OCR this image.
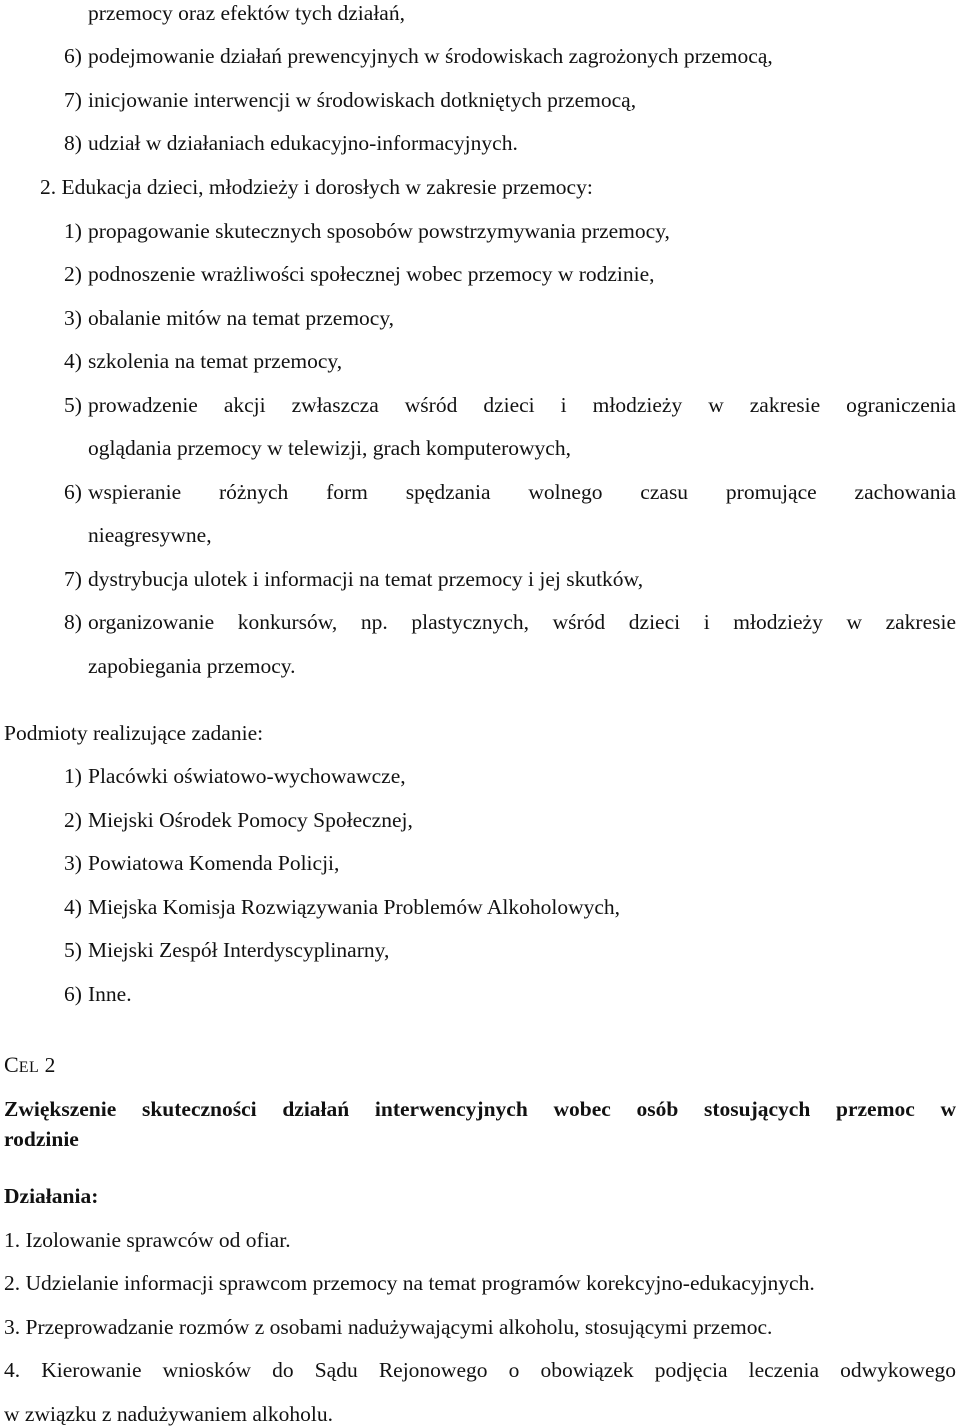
przemocy oraz efektów tych działań,
6) podejmowanie działań prewencyjnych w środowiskach zagrożonych przemocą,
7) inicjowanie interwencji w środowiskach dotkniętych przemocą,
8) udział w działaniach edukacyjno-informacyjnych.
2. Edukacja dzieci, młodzieży i dorosłych w zakresie przemocy:
1) propagowanie skutecznych sposobów powstrzymywania przemocy,
2) podnoszenie wrażliwości społecznej wobec przemocy w rodzinie,
3) obalanie mitów na temat przemocy,
4) szkolenia na temat przemocy,
5) prowadzenie akcji zwłaszcza wśród dzieci i młodzieży w zakresie ograniczenia
oglądania przemocy w telewizji, grach komputerowych,
6) wspieranie różnych form spędzania wolnego czasu promujące zachowania
nieagresywne,
7) dystrybucja ulotek i informacji na temat przemocy i jej skutków,
8) organizowanie konkursów, np. plastycznych, wśród dzieci i młodzieży w zakresie
zapobiegania przemocy.
Podmioty realizujące zadanie:
1) Placówki oświatowo-wychowawcze,
2) Miejski Ośrodek Pomocy Społecznej,
3) Powiatowa Komenda Policji,
4) Miejska Komisja Rozwiązywania Problemów Alkoholowych,
5) Miejski Zespół Interdyscyplinarny,
6) Inne.
CEL 2
Zwiększenie skuteczności działań interwencyjnych wobec osób stosujących przemoc w
rodzinie
Działania:
1. Izolowanie sprawców od ofiar.
2. Udzielanie informacji sprawcom przemocy na temat programów korekcyjno-edukacyjnych.
3. Przeprowadzanie rozmów z osobami nadużywającymi alkoholu, stosującymi przemoc.
4. Kierowanie wniosków do Sądu Rejonowego o obowiązek podjęcia leczenia odwykowego
w związku z nadużywaniem alkoholu.
